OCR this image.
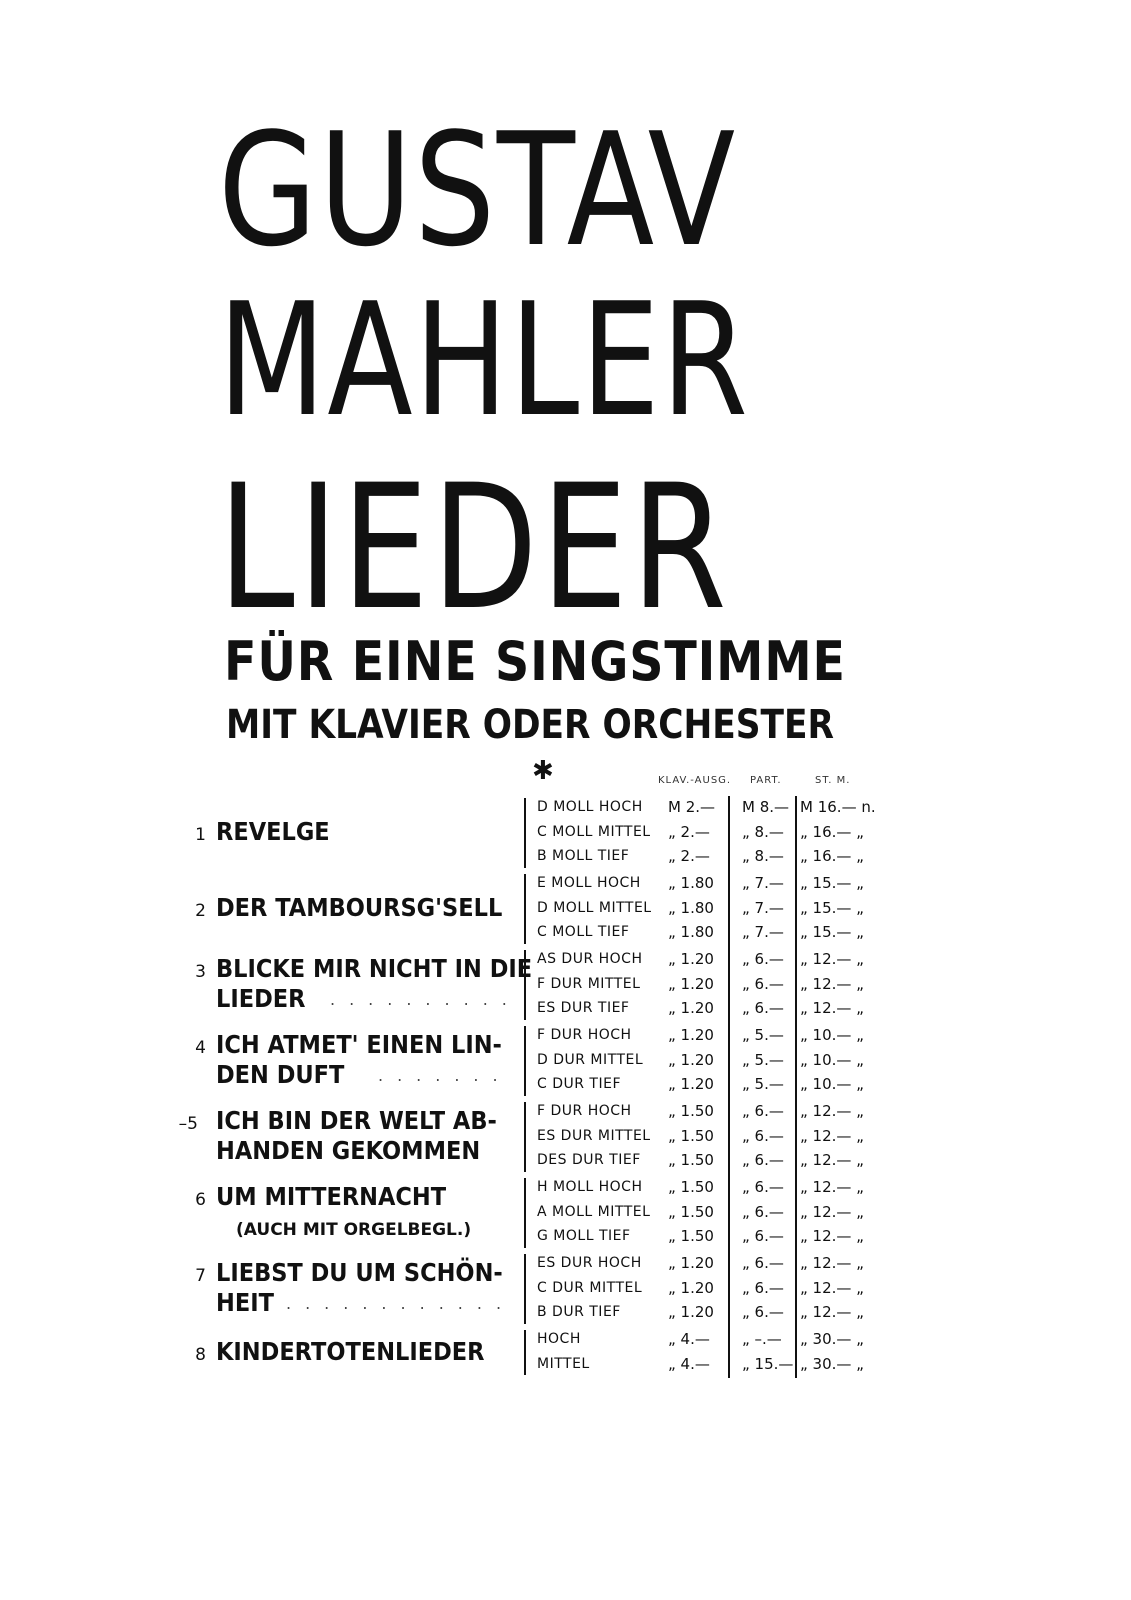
GUSTAV
MAHLER
LIEDER
FÜR EINE SINGSTIMME
MIT KLAVIER ODER ORCHESTER
✱	KLAV.-AUSG. PART.	ST. M.
1 REVELGE
D MOLL HOCH M 2.— M 8.— M 16.— n.
C MOLL MITTEL „ 2.— „ 8.— „ 16.— „
B MOLL TIEF	„ 2.— „ 8.— „ 16.— „
2 DER TAMBOURSG'SELL
E MOLL HOCH „ 1.80 „ 7.— „ 15.— „
D MOLL MITTEL „ 1.80 „ 7.— „ 15.— „
C MOLL TIEF	„ 1.80 „ 7.— „ 15.— „
3 BLICKE MIR NICHT IN DIE
LIEDER ..........
AS DUR HOCH „ 1.20 „ 6.— „ 12.— „
F DUR MITTEL „ 1.20 „ 6.— „ 12.— „
ES DUR TIEF	„ 1.20 „ 6.— „ 12.— „
4 ICH ATMET' EINEN LIN-
DEN DUFT .......
F DUR HOCH „ 1.20 „ 5.— „ 10.— „
D DUR MITTEL „ 1.20 „ 5.— „ 10.— „
C DUR TIEF	„ 1.20 „ 5.— „ 10.— „
–5 ICH BIN DER WELT AB-
HANDEN GEKOMMEN
F DUR HOCH „ 1.50 „ 6.— „ 12.— „
ES DUR MITTEL „ 1.50 „ 6.— „ 12.— „
DES DUR TIEF „ 1.50 „ 6.— „ 12.— „
6 UM MITTERNACHT
(AUCH MIT ORGELBEGL.)
H MOLL HOCH „ 1.50 „ 6.— „ 12.— „
A MOLL MITTEL „ 1.50 „ 6.— „ 12.— „
G MOLL TIEF „ 1.50 „ 6.— „ 12.— „
7 LIEBST DU UM SCHÖN-
HEIT ............
ES DUR HOCH „ 1.20 „ 6.— „ 12.— „
C DUR MITTEL „ 1.20 „ 6.— „ 12.— „
B DUR TIEF	„ 1.20 „ 6.— „ 12.— „
8 KINDERTOTENLIEDER	HOCH	„ 4.— „ –.— „ 30.— „
MITTEL	„ 4.— „ 15.— „ 30.— „
